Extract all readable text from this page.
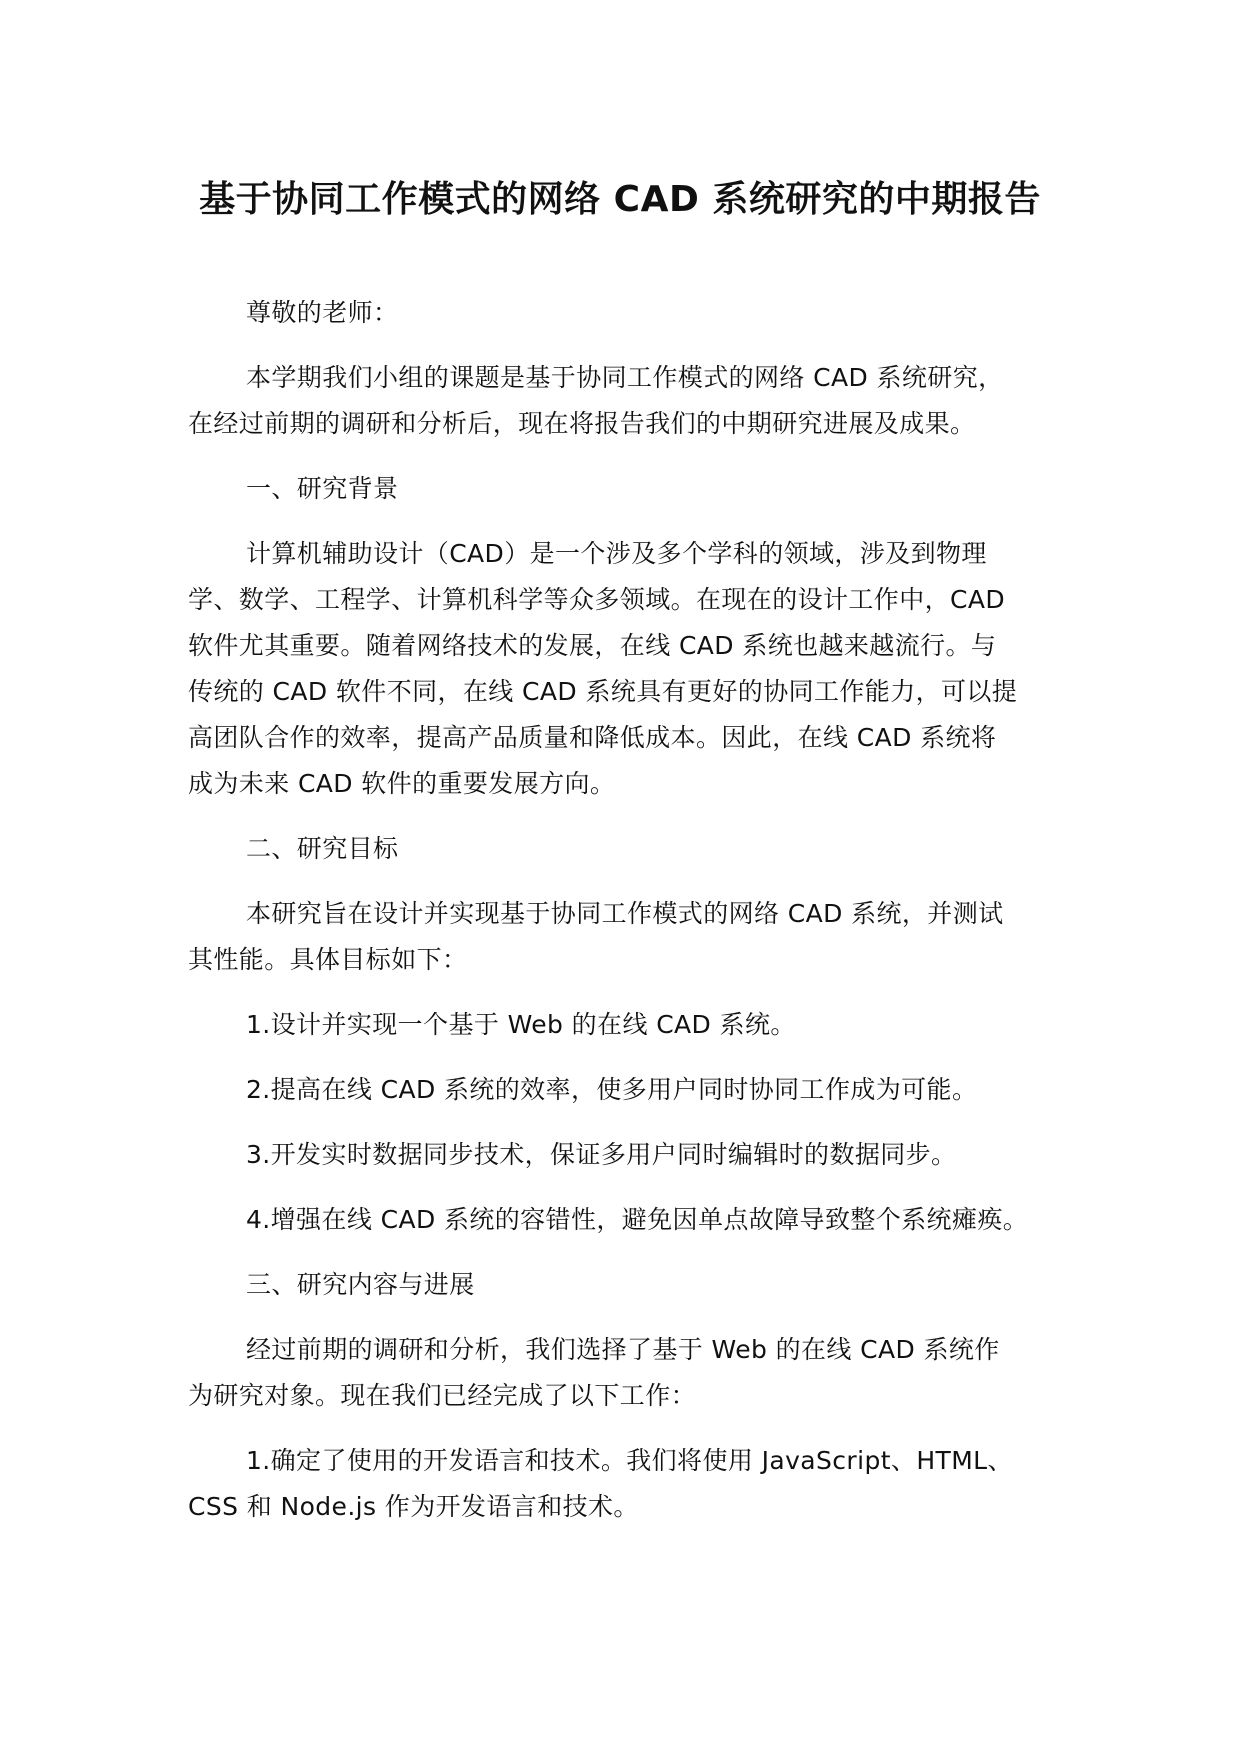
基于协同工作模式的网络 CAD 系统研究的中期报告
尊敬的老师：
本学期我们小组的课题是基于协同工作模式的网络 CAD 系统研究，
在经过前期的调研和分析后，现在将报告我们的中期研究进展及成果。
一、研究背景
计算机辅助设计（CAD）是一个涉及多个学科的领域，涉及到物理
学、数学、工程学、计算机科学等众多领域。在现在的设计工作中，CAD
软件尤其重要。随着网络技术的发展，在线 CAD 系统也越来越流行。与
传统的 CAD 软件不同，在线 CAD 系统具有更好的协同工作能力，可以提
高团队合作的效率，提高产品质量和降低成本。因此，在线 CAD 系统将
成为未来 CAD 软件的重要发展方向。
二、研究目标
本研究旨在设计并实现基于协同工作模式的网络 CAD 系统，并测试
其性能。具体目标如下：
1.设计并实现一个基于 Web 的在线 CAD 系统。
2.提高在线 CAD 系统的效率，使多用户同时协同工作成为可能。
3.开发实时数据同步技术，保证多用户同时编辑时的数据同步。
4.增强在线 CAD 系统的容错性，避免因单点故障导致整个系统瘫痪。
三、研究内容与进展
经过前期的调研和分析，我们选择了基于 Web 的在线 CAD 系统作
为研究对象。现在我们已经完成了以下工作：
1.确定了使用的开发语言和技术。我们将使用 JavaScript、HTML、
CSS 和 Node.js 作为开发语言和技术。
